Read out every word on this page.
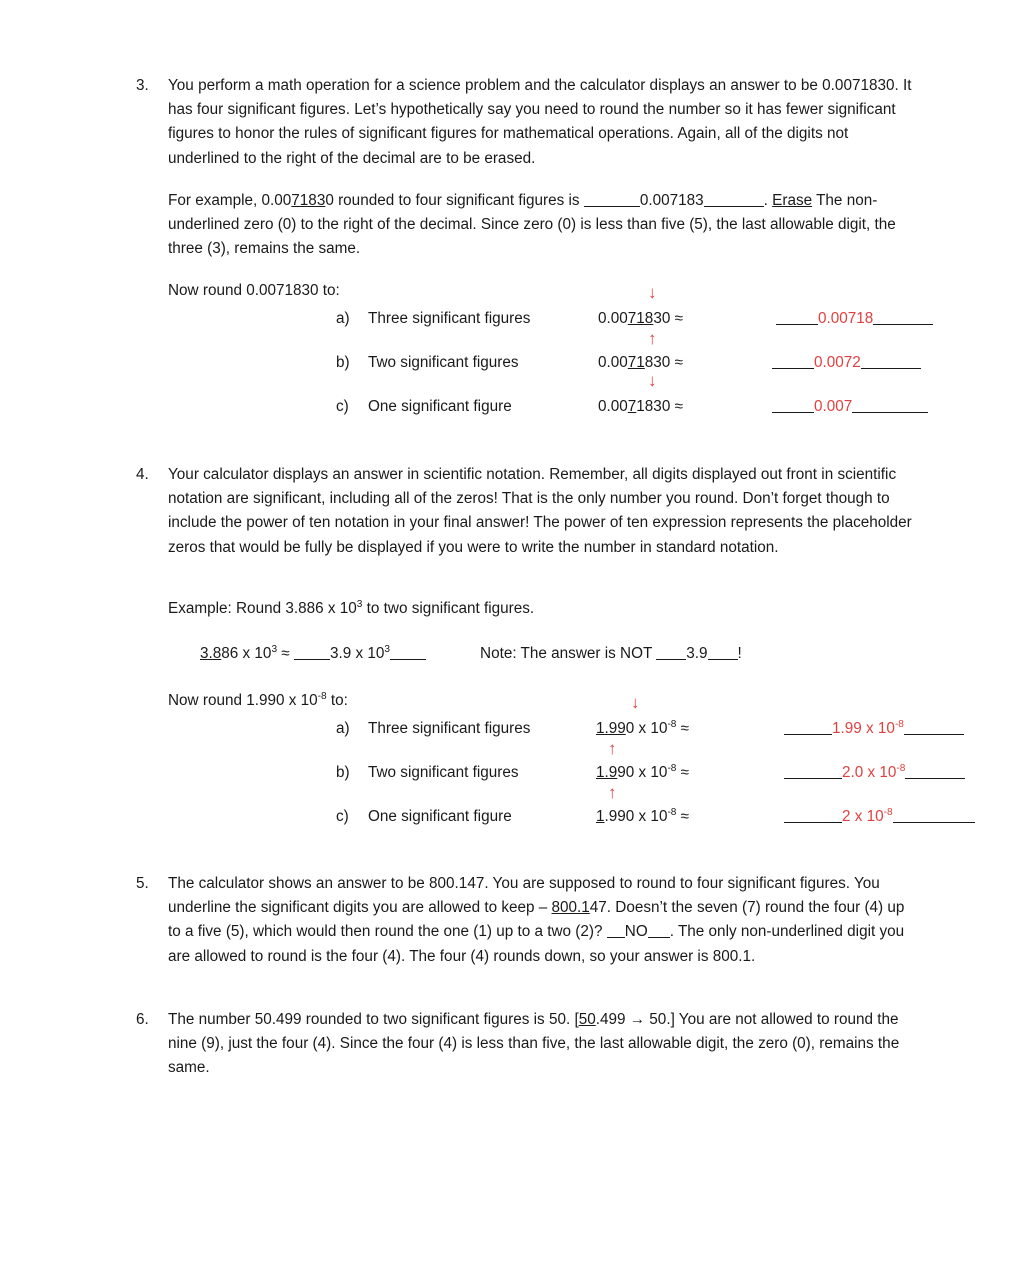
3.	You perform a math operation for a science problem and the calculator displays an answer to be 0.0071830. It has four significant figures. Let’s hypothetically say you need to round the number so it has fewer significant figures to honor the rules of significant figures for mathematical operations. Again, all of the digits not underlined to the right of the decimal are to be erased.

For example, 0.0071830 rounded to four significant figures is	0.007183	. Erase The non-underlined zero (0) to the right of the decimal. Since zero (0) is less than five (5), the last allowable digit, the three (3), remains the same.

Now round 0.0071830 to:	↓
a) Three significant figures	0.0071830 ≈	0.00718
↑
b) Two significant figures	0.0071830 ≈	0.0072
↓
c) One significant figure	0.0071830 ≈	0.007
4.	Your calculator displays an answer in scientific notation. Remember, all digits displayed out front in scientific notation are significant, including all of the zeros! That is the only number you round. Don’t forget though to include the power of ten notation in your final answer! The power of ten expression represents the placeholder zeros that would be fully be displayed if you were to write the number in standard notation.

Example: Round 3.886 x $10^3$ to two significant figures.
3.886 x $10^3 \approx 3.9$ x $10^3$	Note: The answer is NOT 3.9 !
Now round 1.990 x $10^{-8}$ to:	↓
a) Three significant figures	1.990 x $10^{-8}$ ≈	1.99 x $10^{-8}$
↑
b) Two significant figures	1.990 x $10^{-8}$ ≈	2.0 x $10^{-8}$
↑
c) One significant figure	1.990 x $10^{-8}$ ≈	2 x $10^{-8}$
5.	The calculator shows an answer to be 800.147. You are supposed to round to four significant figures. You underline the significant digits you are allowed to keep – 800.147. Doesn’t the seven (7) round the four (4) up to a five (5), which would then round the one (1) up to a two (2)? NO . The only non-underlined digit you are allowed to round is the four (4). The four (4) rounds down, so your answer is 800.1.

6.	The number 50.499 rounded to two significant figures is 50. [50.499 → 50.] You are not allowed to round the nine (9), just the four (4). Since the four (4) is less than five, the last allowable digit, the zero (0), remains the same.
